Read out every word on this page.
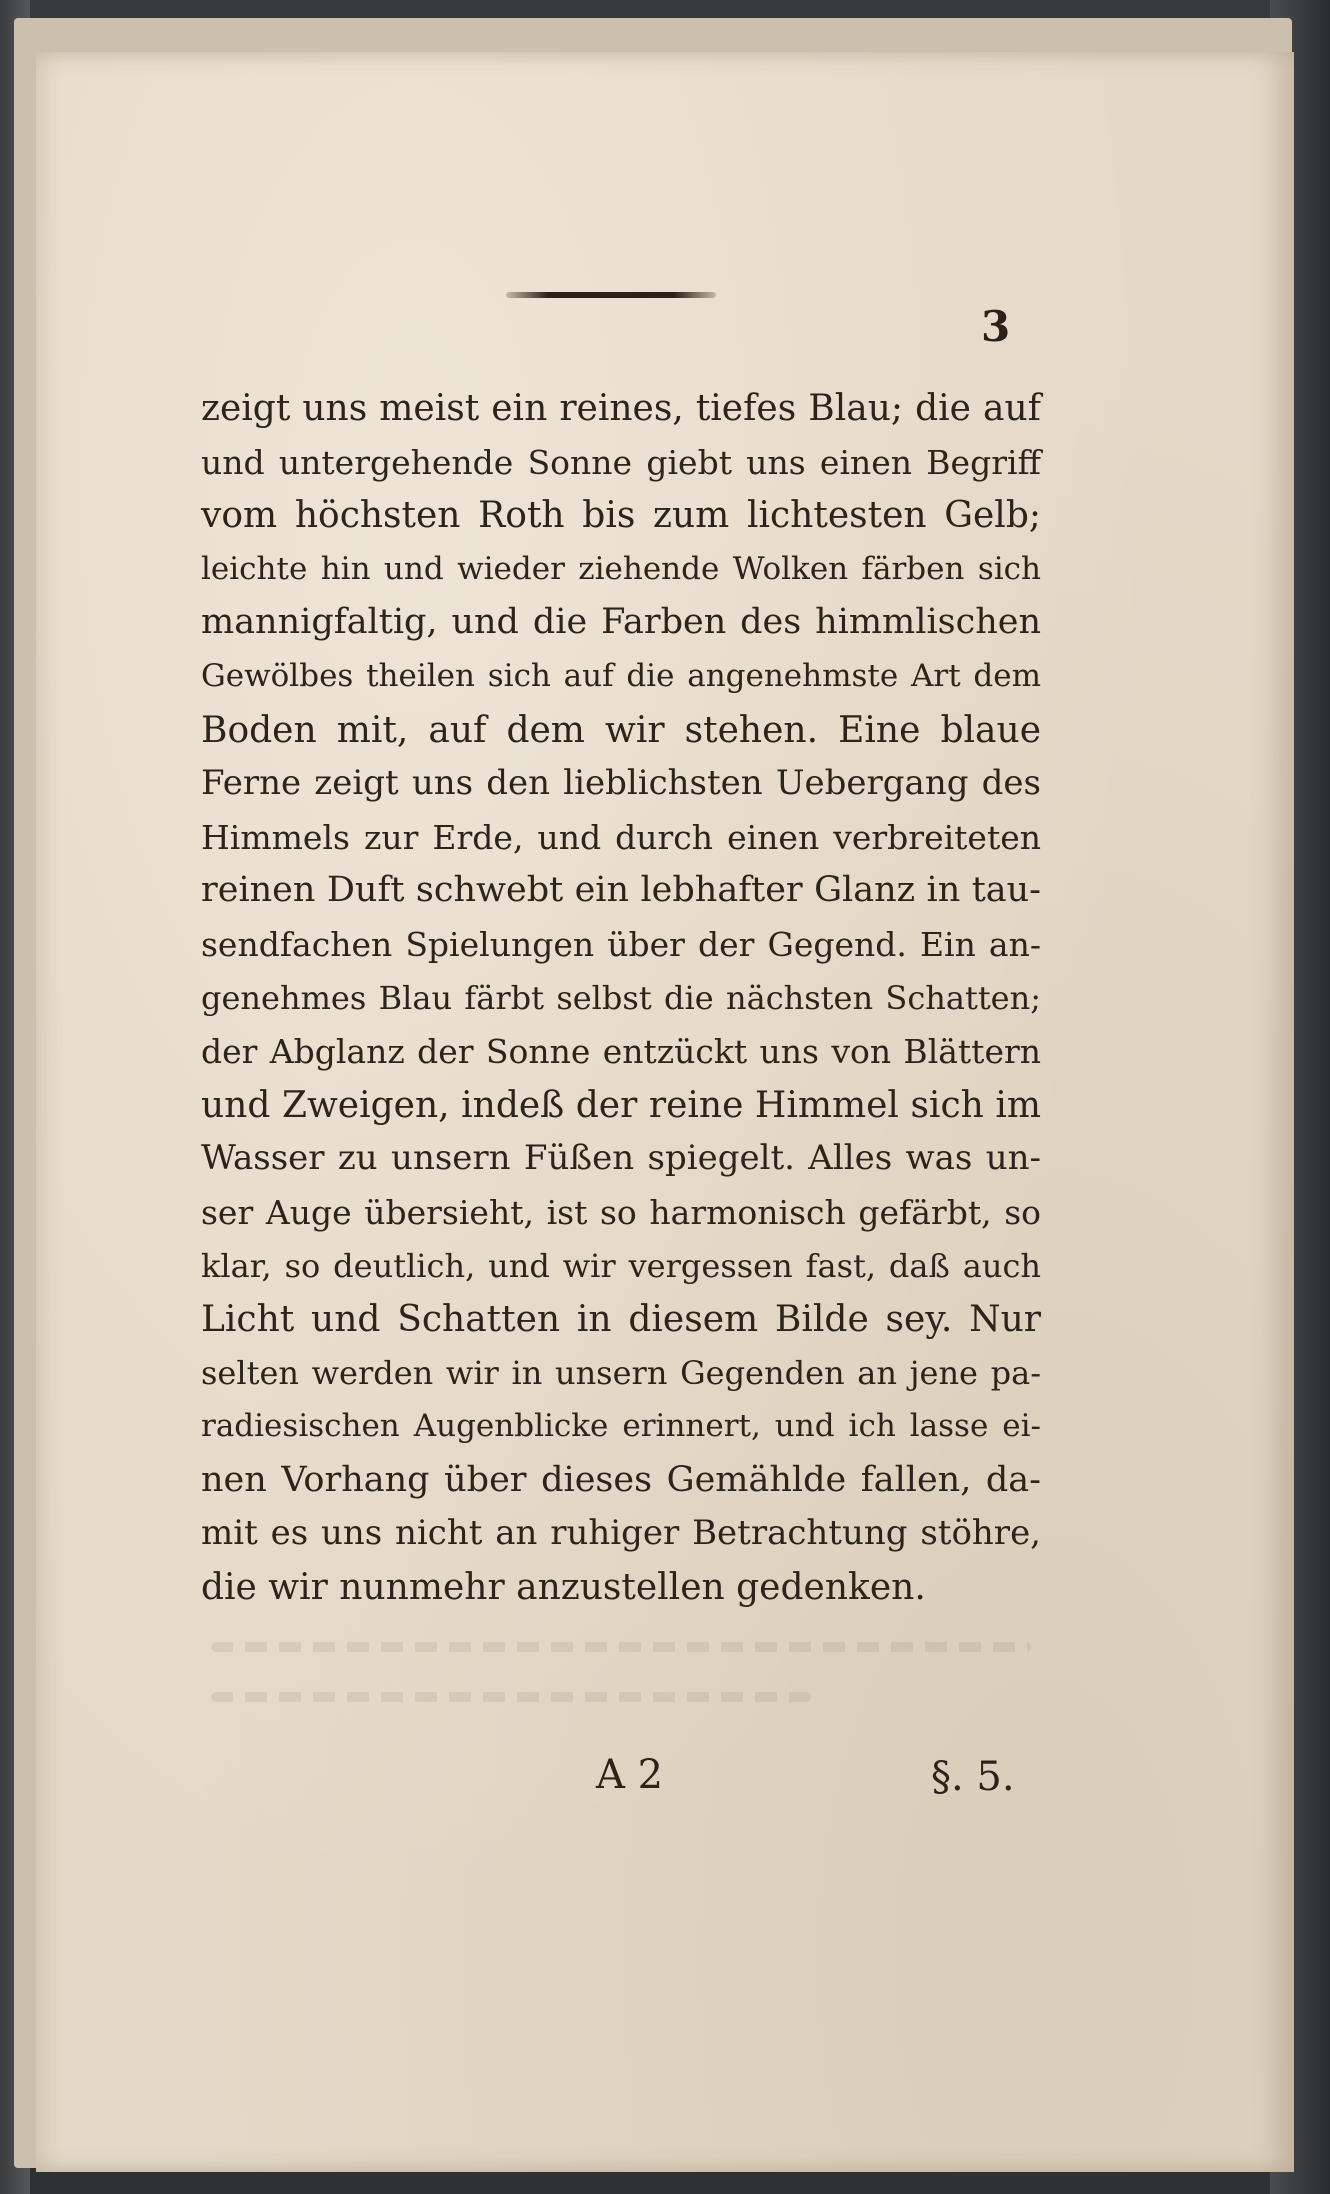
3
zeigt uns meist ein reines, tiefes Blau; die auf
und untergehende Sonne giebt uns einen Begriff
vom höchsten Roth bis zum lichtesten Gelb;
leichte hin und wieder ziehende Wolken färben sich
mannigfaltig, und die Farben des himmlischen
Gewölbes theilen sich auf die angenehmste Art dem
Boden mit, auf dem wir stehen. Eine blaue
Ferne zeigt uns den lieblichsten Uebergang des
Himmels zur Erde, und durch einen verbreiteten
reinen Duft schwebt ein lebhafter Glanz in tau-
sendfachen Spielungen über der Gegend. Ein an-
genehmes Blau färbt selbst die nächsten Schatten;
der Abglanz der Sonne entzückt uns von Blättern
und Zweigen, indeß der reine Himmel sich im
Wasser zu unsern Füßen spiegelt. Alles was un-
ser Auge übersieht, ist so harmonisch gefärbt, so
klar, so deutlich, und wir vergessen fast, daß auch
Licht und Schatten in diesem Bilde sey. Nur
selten werden wir in unsern Gegenden an jene pa-
radiesischen Augenblicke erinnert, und ich lasse ei-
nen Vorhang über dieses Gemählde fallen, da-
mit es uns nicht an ruhiger Betrachtung stöhre,
die wir nunmehr anzustellen gedenken.
A 2	§. 5.
